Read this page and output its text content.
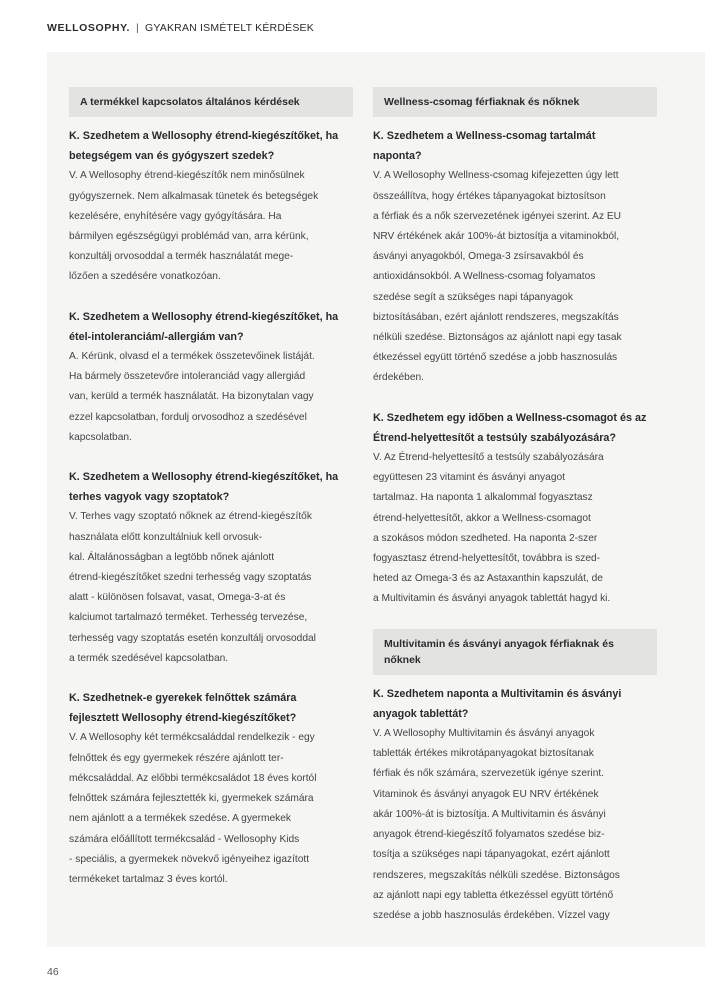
WELLOSOPHY. | GYAKRAN ISMÉTELT KÉRDÉSEK
A termékkel kapcsolatos általános kérdések

K. Szedhetem a Wellosophy étrend-kiegészítőket, ha
betegségem van és gyógyszert szedek?

V. A Wellosophy étrend-kiegészítők nem minősülnek
gyógyszernek. Nem alkalmasak tünetek és betegségek
kezelésére, enyhítésére vagy gyógyítására. Ha
bármilyen egészségügyi problémád van, arra kérünk,
konzultálj orvosoddal a termék használatát mege-
lőzően a szedésére vonatkozóan.

K. Szedhetem a Wellosophy étrend-kiegészítőket, ha
étel-intoleranciám/-allergiám van?

A. Kérünk, olvasd el a termékek összetevőinek listáját.
Ha bármely összetevőre intoleranciád vagy allergiád
van, kerüld a termék használatát. Ha bizonytalan vagy
ezzel kapcsolatban, fordulj orvosodhoz a szedésével
kapcsolatban.

K. Szedhetem a Wellosophy étrend-kiegészítőket, ha
terhes vagyok vagy szoptatok?

V. Terhes vagy szoptató nőknek az étrend-kiegészítők
használata előtt konzultálniuk kell orvosuk-
kal. Általánosságban a legtöbb nőnek ajánlott
étrend-kiegészítőket szedni terhesség vagy szoptatás
alatt - különösen folsavat, vasat, Omega-3-at és
kalciumot tartalmazó terméket. Terhesség tervezése,
terhesség vagy szoptatás esetén konzultálj orvosoddal
a termék szedésével kapcsolatban.

K. Szedhetnek-e gyerekek felnőttek számára
fejlesztett Wellosophy étrend-kiegészítőket?

V. A Wellosophy két termékcsaláddal rendelkezik - egy
felnőttek és egy gyermekek részére ajánlott ter-
mékcsaláddal. Az előbbi termékcsaládot 18 éves kortól
felnőttek számára fejlesztették ki, gyermekek számára
nem ajánlott a a termékek szedése. A gyermekek
számára előállított termékcsalád - Wellosophy Kids
- speciális, a gyermekek növekvő igényeihez igazított
termékeket tartalmaz 3 éves kortól.

Wellness-csomag férfiaknak és nőknek

K. Szedhetem a Wellness-csomag tartalmát
naponta?

V. A Wellosophy Wellness-csomag kifejezetten úgy lett
összeállítva, hogy értékes tápanyagokat biztosítson
a férfiak és a nők szervezetének igényei szerint. Az EU
NRV értékének akár 100%-át biztosítja a vitaminokból,
ásványi anyagokból, Omega-3 zsírsavakból és
antioxidánsokból. A Wellness-csomag folyamatos
szedése segít a szükséges napi tápanyagok
biztosításában, ezért ajánlott rendszeres, megszakítás
nélküli szedése. Biztonságos az ajánlott napi egy tasak
étkezéssel együtt történő szedése a jobb hasznosulás
érdekében.

K. Szedhetem egy időben a Wellness-csomagot és az
Étrend-helyettesítőt a testsúly szabályozására?

V. Az Étrend-helyettesítő a testsúly szabályozására
együttesen 23 vitamint és ásványi anyagot
tartalmaz. Ha naponta 1 alkalommal fogyasztasz
étrend-helyettesítőt, akkor a Wellness-csomagot
a szokásos módon szedheted. Ha naponta 2-szer
fogyasztasz étrend-helyettesítőt, továbbra is szed-
heted az Omega-3 és az Astaxanthin kapszulát, de
a Multivitamin és ásványi anyagok tablettát hagyd ki.

Multivitamin és ásványi anyagok férfiaknak és
nőknek

K. Szedhetem naponta a Multivitamin és ásványi
anyagok tablettát?

V. A Wellosophy Multivitamin és ásványi anyagok
tabletták értékes mikrotápanyagokat biztosítanak
férfiak és nők számára, szervezetük igénye szerint.
Vitaminok és ásványi anyagok EU NRV értékének
akár 100%-át is biztosítja. A Multivitamin és ásványi
anyagok étrend-kiegészítő folyamatos szedése biz-
tosítja a szükséges napi tápanyagokat, ezért ajánlott
rendszeres, megszakítás nélküli szedése. Biztonságos
az ajánlott napi egy tabletta étkezéssel együtt történő
szedése a jobb hasznosulás érdekében. Vízzel vagy

46
